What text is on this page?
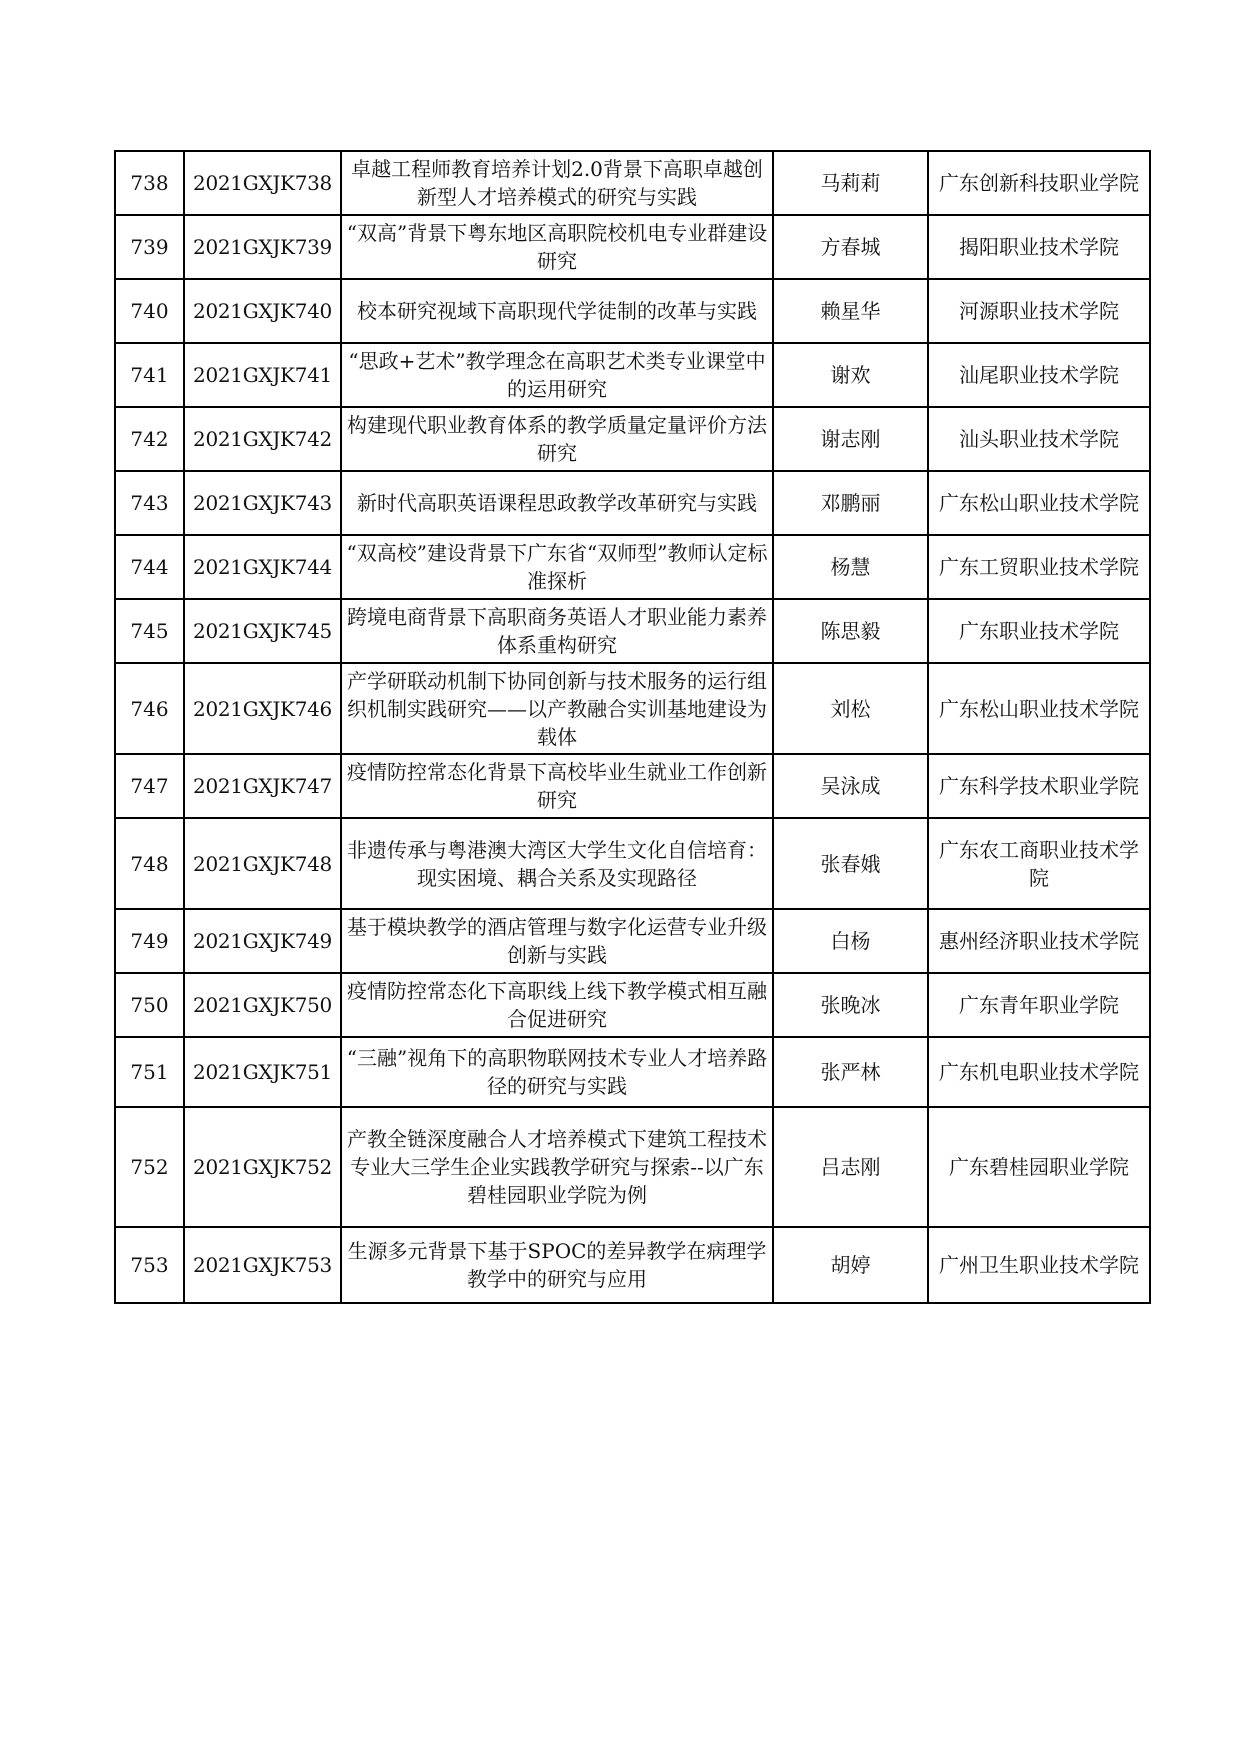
738	2021GXJK738	卓越工程师教育培养计划2.0背景下高职卓越创新型人才培养模式的研究与实践	马莉莉	广东创新科技职业学院
739	2021GXJK739	“双高”背景下粤东地区高职院校机电专业群建设研究	方春城	揭阳职业技术学院
740	2021GXJK740	校本研究视域下高职现代学徒制的改革与实践	赖星华	河源职业技术学院
741	2021GXJK741	“思政+艺术”教学理念在高职艺术类专业课堂中的运用研究	谢欢	汕尾职业技术学院
742	2021GXJK742	构建现代职业教育体系的教学质量定量评价方法研究	谢志刚	汕头职业技术学院
743	2021GXJK743	新时代高职英语课程思政教学改革研究与实践	邓鹏丽	广东松山职业技术学院
744	2021GXJK744	“双高校”建设背景下广东省“双师型”教师认定标准探析	杨慧	广东工贸职业技术学院
745	2021GXJK745	跨境电商背景下高职商务英语人才职业能力素养体系重构研究	陈思毅	广东职业技术学院
746	2021GXJK746	产学研联动机制下协同创新与技术服务的运行组织机制实践研究——以产教融合实训基地建设为载体	刘松	广东松山职业技术学院
747	2021GXJK747	疫情防控常态化背景下高校毕业生就业工作创新研究	吴泳成	广东科学技术职业学院
748	2021GXJK748	非遗传承与粤港澳大湾区大学生文化自信培育：现实困境、耦合关系及实现路径	张春娥	广东农工商职业技术学院
749	2021GXJK749	基于模块教学的酒店管理与数字化运营专业升级创新与实践	白杨	惠州经济职业技术学院
750	2021GXJK750	疫情防控常态化下高职线上线下教学模式相互融合促进研究	张晚冰	广东青年职业学院
751	2021GXJK751	“三融”视角下的高职物联网技术专业人才培养路径的研究与实践	张严林	广东机电职业技术学院
752	2021GXJK752	产教全链深度融合人才培养模式下建筑工程技术专业大三学生企业实践教学研究与探索--以广东碧桂园职业学院为例	吕志刚	广东碧桂园职业学院
753	2021GXJK753	生源多元背景下基于SPOC的差异教学在病理学教学中的研究与应用	胡婷	广州卫生职业技术学院
